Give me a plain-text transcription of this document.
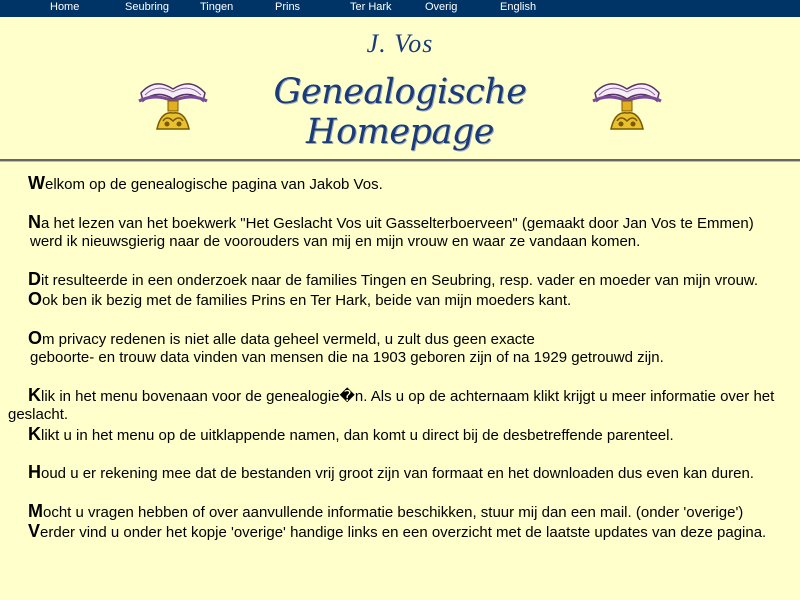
Home	Seubring	Tingen	Prins	Ter Hark	Overig	English
J. Vos
Genealogische Homepage

Welkom op de genealogische pagina van Jakob Vos.

Na het lezen van het boekwerk "Het Geslacht Vos uit Gasselterboerveen" (gemaakt door Jan Vos te Emmen)
werd ik nieuwsgierig naar de voorouders van mij en mijn vrouw en waar ze vandaan komen.

Dit resulteerde in een onderzoek naar de families Tingen en Seubring, resp. vader en moeder van mijn vrouw.
Ook ben ik bezig met de families Prins en Ter Hark, beide van mijn moeders kant.

Om privacy redenen is niet alle data geheel vermeld, u zult dus geen exacte
geboorte- en trouw data vinden van mensen die na 1903 geboren zijn of na 1929 getrouwd zijn.

Klik in het menu bovenaan voor de genealogie�n. Als u op de achternaam klikt krijgt u meer informatie over het geslacht.
Klikt u in het menu op de uitklappende namen, dan komt u direct bij de desbetreffende parenteel.

Houd u er rekening mee dat de bestanden vrij groot zijn van formaat en het downloaden dus even kan duren.

Mocht u vragen hebben of over aanvullende informatie beschikken, stuur mij dan een mail. (onder 'overige')
Verder vind u onder het kopje 'overige' handige links en een overzicht met de laatste updates van deze pagina.
